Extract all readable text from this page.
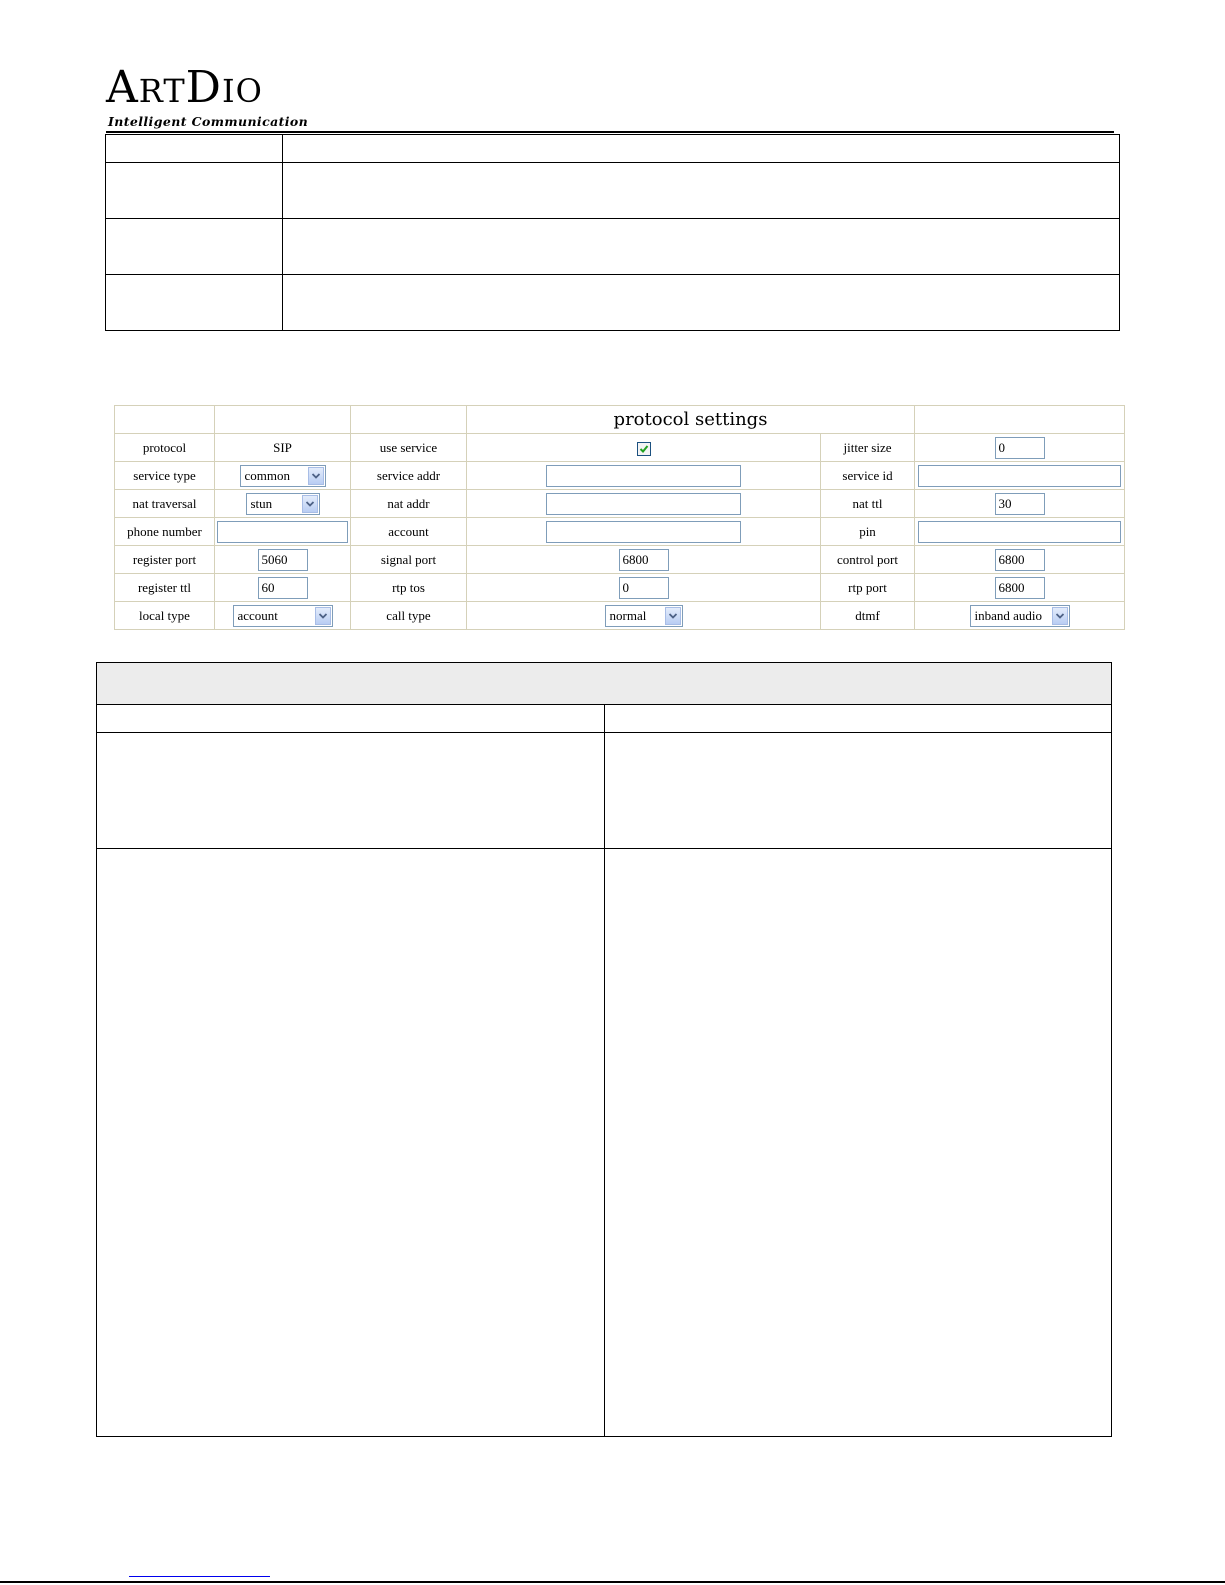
ARTDIO
Intelligent Communication

			protocol settings		
protocol	SIP	use service		jitter size	0
service type	common	service addr		service id	
nat traversal	stun	nat addr		nat ttl	30
phone number		account		pin	
register port	5060	signal port	6800	control port	6800
register ttl	60	rtp tos	0	rtp port	6800
local type	account	call type	normal	dtmf	inband audio
